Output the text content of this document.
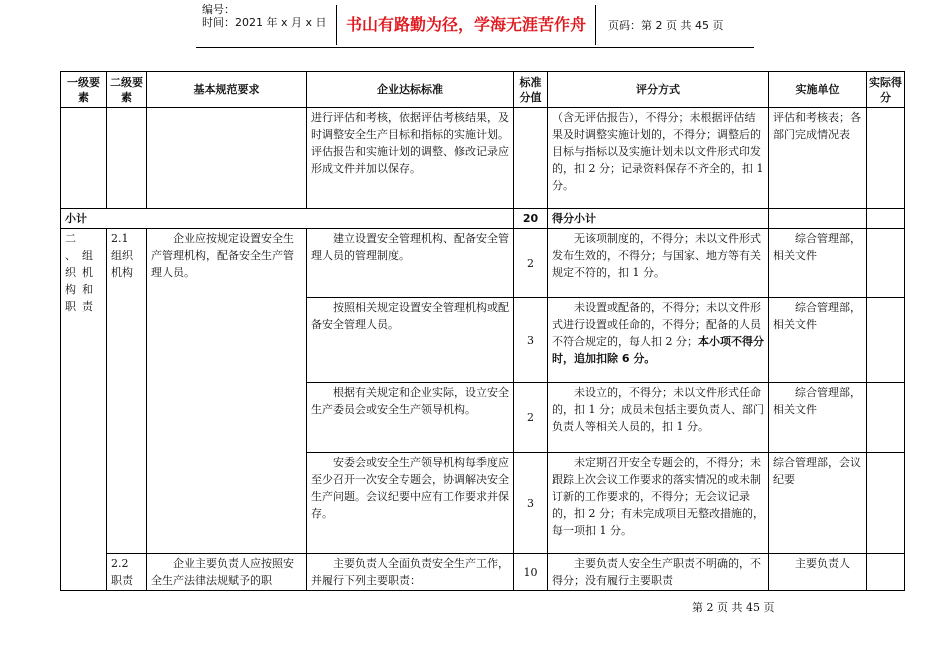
编号：
时间：2021 年 x 月 x 日	书山有路勤为径，学海无涯苦作舟	页码：第 2 页 共 45 页
一级要素	二级要素	基本规范要求	企业达标标准	标准分值	评分方式	实施单位	实际得分
			进行评估和考核，依据评估考核结果，及时调整安全生产目标和指标的实施计划。评估报告和实施计划的调整、修改记录应形成文件并加以保存。		（含无评估报告），不得分；未根据评估结果及时调整实施计划的，不得分；调整后的目标与指标以及实施计划未以文件形式印发的，扣 2 分；记录资料保存不齐全的，扣 1 分。	评估和考核表；各部门完成情况表	
小计				20	得分小计		
二 、组 织机 构和 职责	2.1 组织机构	企业应按规定设置安全生产管理机构，配备安全生产管理人员。	建立设置安全管理机构、配备安全管理人员的管理制度。	2	无该项制度的，不得分；未以文件形式发布生效的，不得分；与国家、地方等有关规定不符的，扣 1 分。	综合管理部，相关文件	
			按照相关规定设置安全管理机构或配备安全管理人员。	3	未设置或配备的，不得分；未以文件形式进行设置或任命的，不得分；配备的人员不符合规定的，每人扣 2 分；本小项不得分时，追加扣除 6 分。	综合管理部，相关文件	
			根据有关规定和企业实际，设立安全生产委员会或安全生产领导机构。	2	未设立的，不得分；未以文件形式任命的，扣 1 分；成员未包括主要负责人、部门负责人等相关人员的，扣 1 分。	综合管理部，相关文件	
			安委会或安全生产领导机构每季度应至少召开一次安全专题会，协调解决安全生产问题。会议纪要中应有工作要求并保存。	3	未定期召开安全专题会的，不得分；未跟踪上次会议工作要求的落实情况的或未制订新的工作要求的，不得分；无会议记录的，扣 2 分；有未完成项目无整改措施的，每一项扣 1 分。	综合管理部，会议纪要	
	2.2 职责	企业主要负责人应按照安全生产法律法规赋予的职	主要负责人全面负责安全生产工作，并履行下列主要职责：	10	主要负责人安全生产职责不明确的，不得分；没有履行主要职责	主要负责人	
第 2 页 共 45 页
